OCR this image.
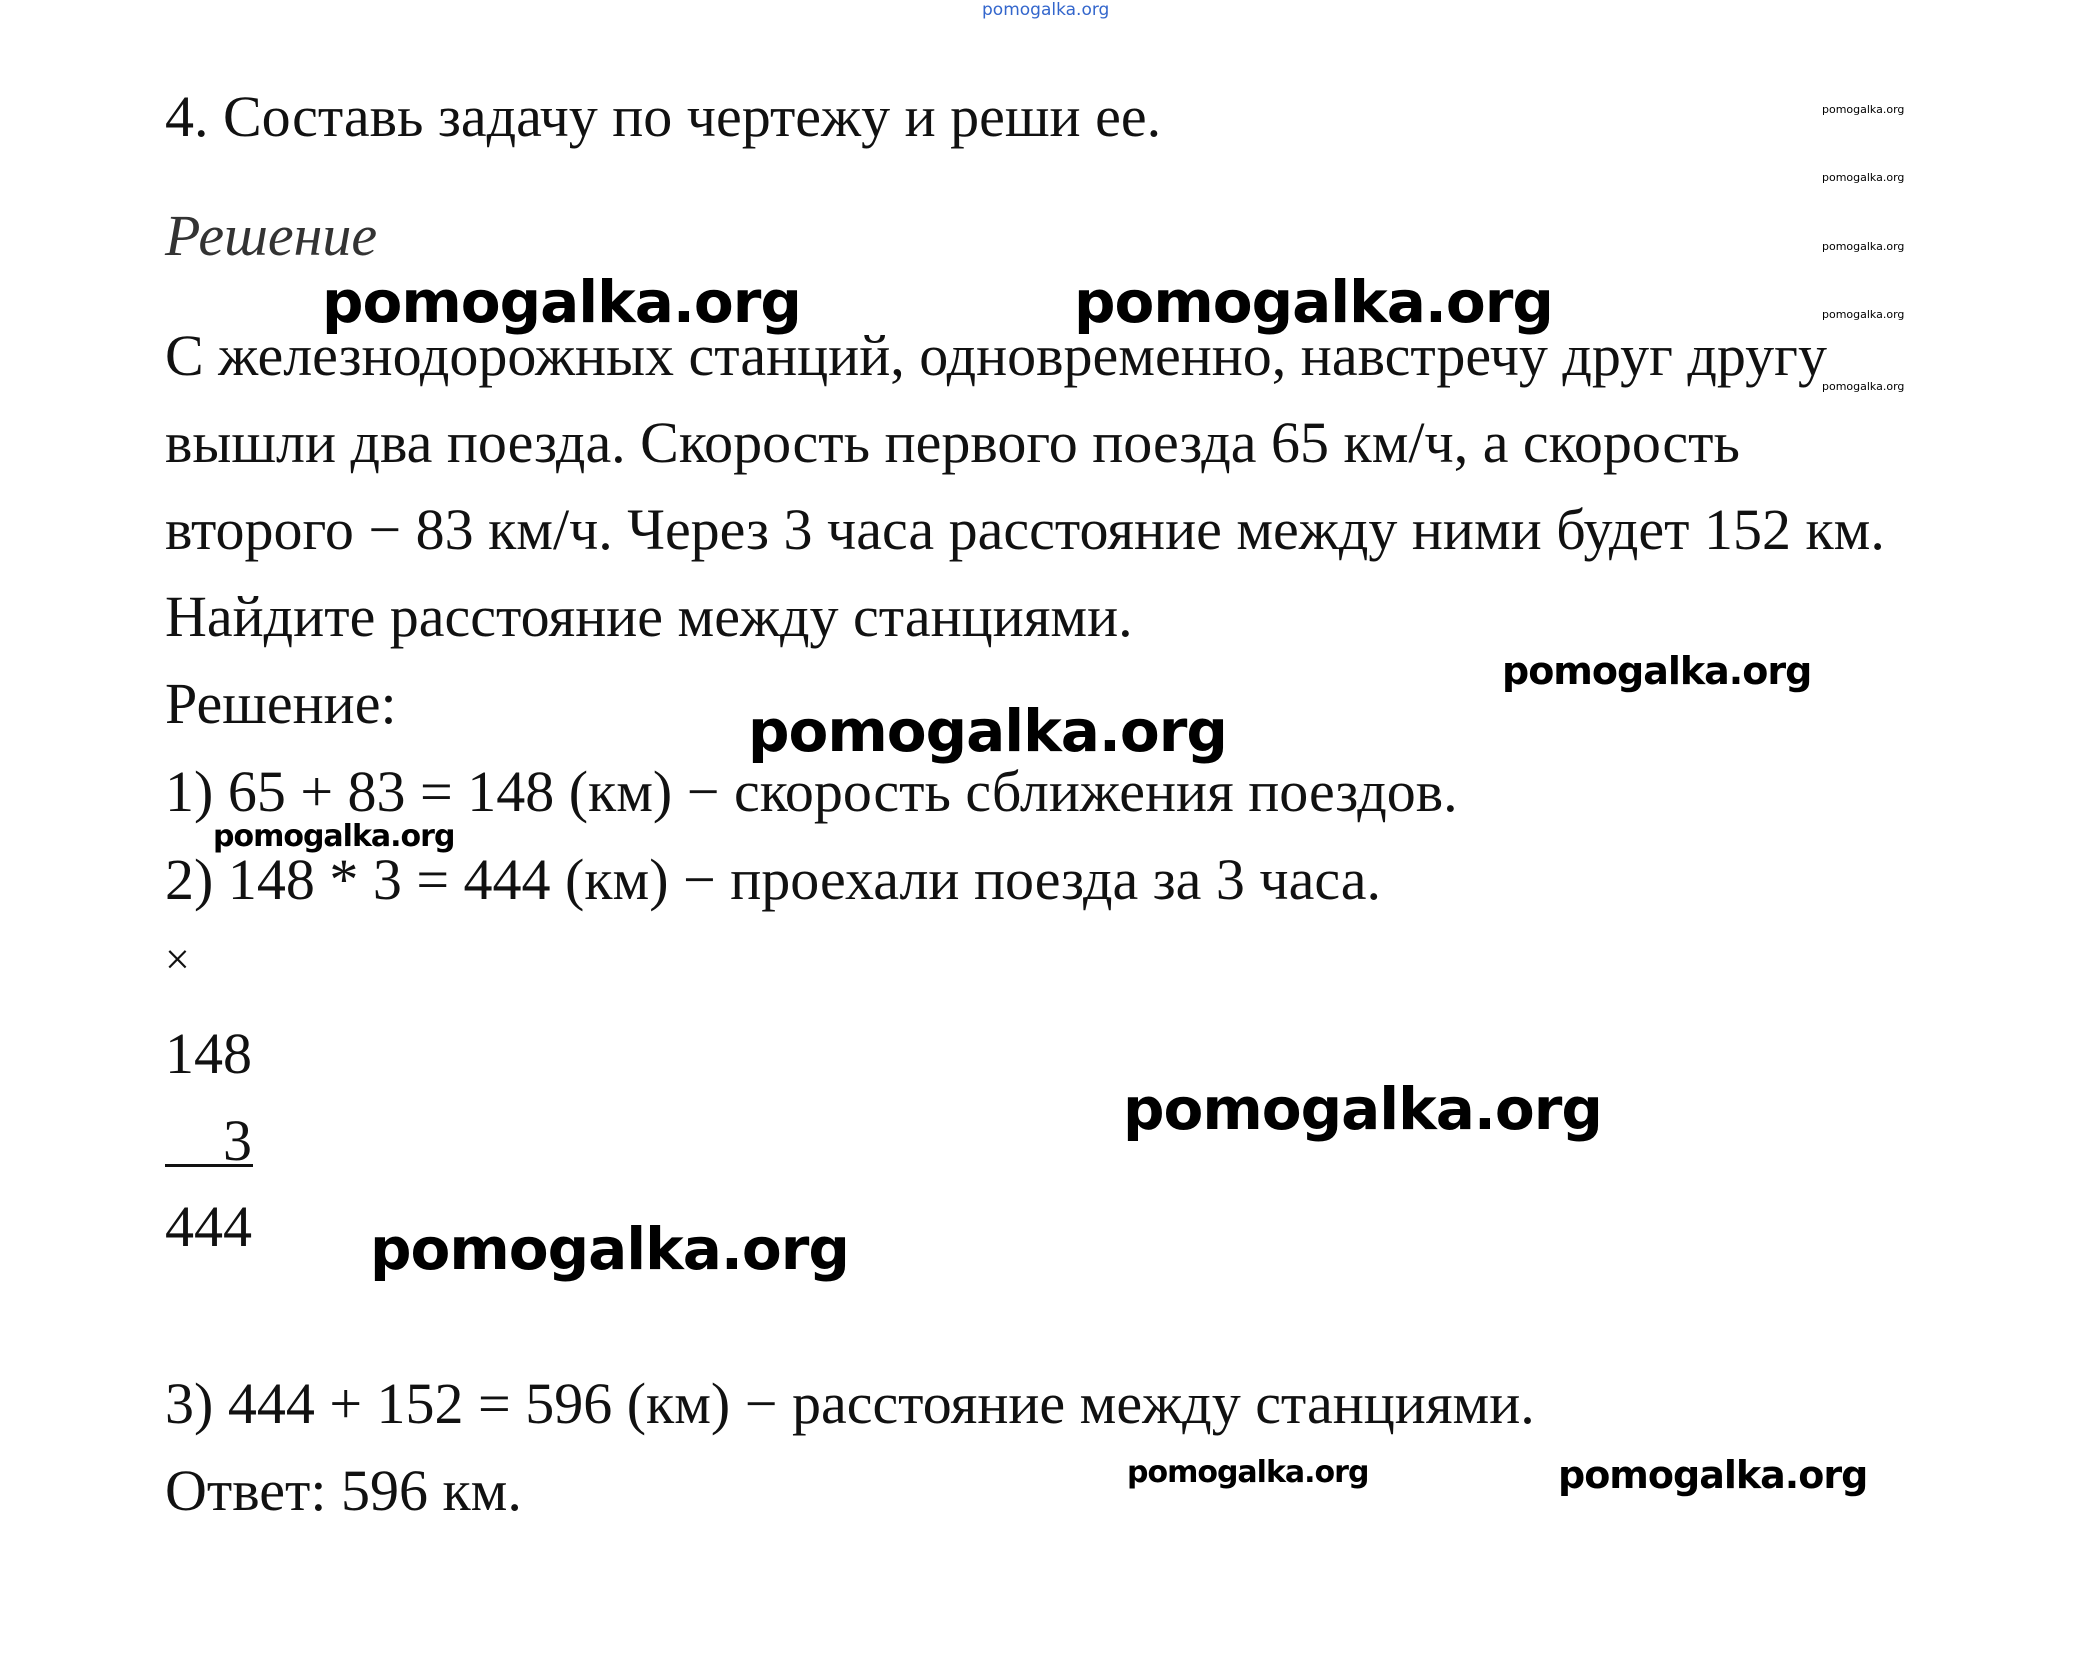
pomogalka.org
pomogalka.org
pomogalka.org
pomogalka.org
pomogalka.org
pomogalka.org
4. Составь задачу по чертежу и реши ее.
Решение
С железнодорожных станций, одновременно, навстречу друг другу
вышли два поезда. Скорость первого поезда 65 км/ч, а скорость
второго − 83 км/ч. Через 3 часа расстояние между ними будет 152 км.
Найдите расстояние между станциями.
Решение:
1) 65 + 83 = 148 (км) − скорость сближения поездов.
2) 148 * 3 = 444 (км) − проехали поезда за 3 часа.
×
148
3
444
3) 444 + 152 = 596 (км) − расстояние между станциями.
Ответ: 596 км.
pomogalka.org	pomogalka.org
pomogalka.org
pomogalka.org
pomogalka.org
pomogalka.org
pomogalka.org
pomogalka.org	pomogalka.org
